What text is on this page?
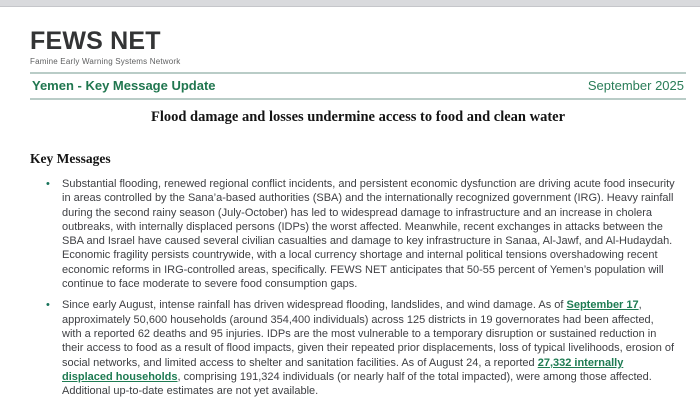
FEWS NET
Famine Early Warning Systems Network
Yemen - Key Message Update	September 2025
Flood damage and losses undermine access to food and clean water
Key Messages
• Substantial flooding, renewed regional conflict incidents, and persistent economic dysfunction are driving acute food insecurity in areas controlled by the Sana’a-based authorities (SBA) and the internationally recognized government (IRG). Heavy rainfall during the second rainy season (July-October) has led to widespread damage to infrastructure and an increase in cholera outbreaks, with internally displaced persons (IDPs) the worst affected. Meanwhile, recent exchanges in attacks between the SBA and Israel have caused several civilian casualties and damage to key infrastructure in Sanaa, Al-Jawf, and Al-Hudaydah. Economic fragility persists countrywide, with a local currency shortage and internal political tensions overshadowing recent economic reforms in IRG-controlled areas, specifically. FEWS NET anticipates that 50-55 percent of Yemen’s population will continue to face moderate to severe food consumption gaps.
• Since early August, intense rainfall has driven widespread flooding, landslides, and wind damage. As of September 17, approximately 50,600 households (around 354,400 individuals) across 125 districts in 19 governorates had been affected, with a reported 62 deaths and 95 injuries. IDPs are the most vulnerable to a temporary disruption or sustained reduction in their access to food as a result of flood impacts, given their repeated prior displacements, loss of typical livelihoods, erosion of social networks, and limited access to shelter and sanitation facilities. As of August 24, a reported 27,332 internally displaced households, comprising 191,324 individuals (or nearly half of the total impacted), were among those affected. Additional up-to-date estimates are not yet available.
